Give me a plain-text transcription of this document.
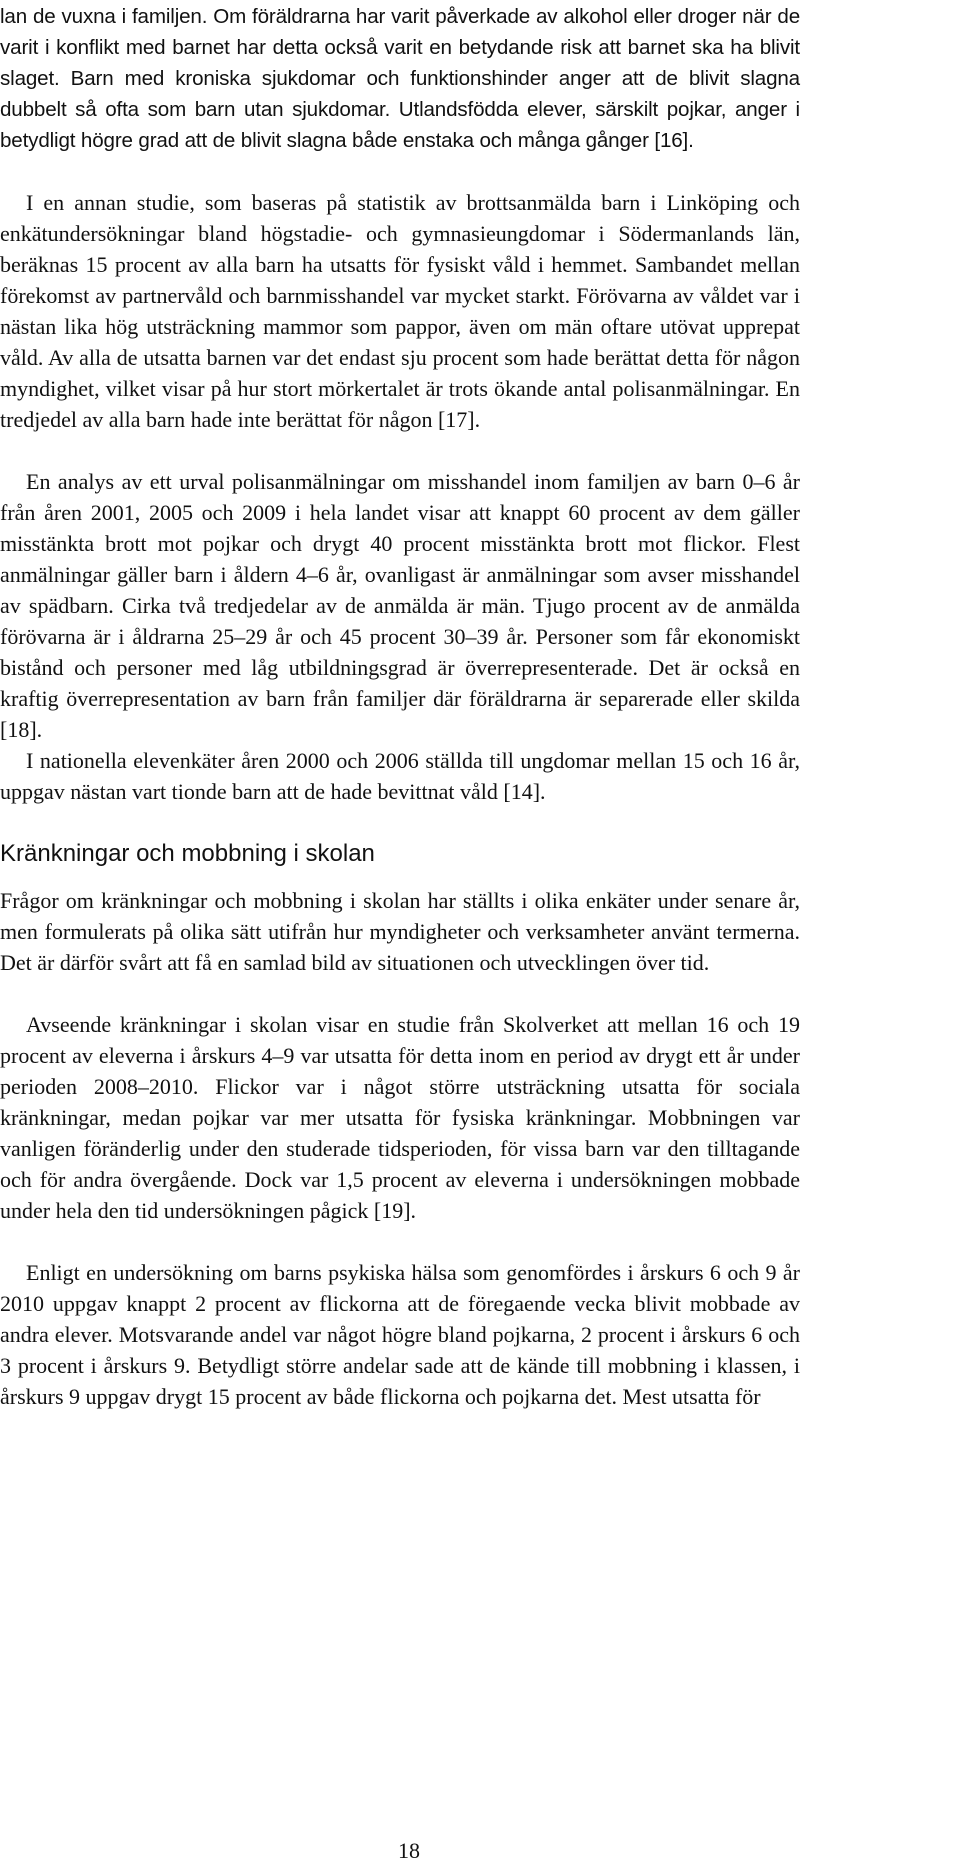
lan de vuxna i familjen. Om föräldrarna har varit påverkade av alkohol eller droger när de varit i konflikt med barnet har detta också varit en betydande risk att barnet ska ha blivit slaget. Barn med kroniska sjukdomar och funktionshinder anger att de blivit slagna dubbelt så ofta som barn utan sjukdomar. Utlandsfödda elever, särskilt pojkar, anger i betydligt högre grad att de blivit slagna både enstaka och många gånger [16].

I en annan studie, som baseras på statistik av brottsanmälda barn i Linköping och enkätundersökningar bland högstadie- och gymnasieungdomar i Södermanlands län, beräknas 15 procent av alla barn ha utsatts för fysiskt våld i hemmet. Sambandet mellan förekomst av partnervåld och barnmisshandel var mycket starkt. Förövarna av våldet var i nästan lika hög utsträckning mammor som pappor, även om män oftare utövat upprepat våld. Av alla de utsatta barnen var det endast sju procent som hade berättat detta för någon myndighet, vilket visar på hur stort mörkertalet är trots ökande antal polisanmälningar. En tredjedel av alla barn hade inte berättat för någon [17].

En analys av ett urval polisanmälningar om misshandel inom familjen av barn 0–6 år från åren 2001, 2005 och 2009 i hela landet visar att knappt 60 procent av dem gäller misstänkta brott mot pojkar och drygt 40 procent misstänkta brott mot flickor. Flest anmälningar gäller barn i åldern 4–6 år, ovanligast är anmälningar som avser misshandel av spädbarn. Cirka två tredjedelar av de anmälda är män. Tjugo procent av de anmälda förövarna är i åldrarna 25–29 år och 45 procent 30–39 år. Personer som får ekonomiskt bistånd och personer med låg utbildningsgrad är överrepresenterade. Det är också en kraftig överrepresentation av barn från familjer där föräldrarna är separerade eller skilda [18].

I nationella elevenkäter åren 2000 och 2006 ställda till ungdomar mellan 15 och 16 år, uppgav nästan vart tionde barn att de hade bevittnat våld [14].

Kränkningar och mobbning i skolan

Frågor om kränkningar och mobbning i skolan har ställts i olika enkäter under senare år, men formulerats på olika sätt utifrån hur myndigheter och verksamheter använt termerna. Det är därför svårt att få en samlad bild av situationen och utvecklingen över tid.

Avseende kränkningar i skolan visar en studie från Skolverket att mellan 16 och 19 procent av eleverna i årskurs 4–9 var utsatta för detta inom en period av drygt ett år under perioden 2008–2010. Flickor var i något större utsträckning utsatta för sociala kränkningar, medan pojkar var mer utsatta för fysiska kränkningar. Mobbningen var vanligen föränderlig under den studerade tidsperioden, för vissa barn var den tilltagande och för andra övergående. Dock var 1,5 procent av eleverna i undersökningen mobbade under hela den tid undersökningen pågick [19].

Enligt en undersökning om barns psykiska hälsa som genomfördes i årskurs 6 och 9 år 2010 uppgav knappt 2 procent av flickorna att de föregaende vecka blivit mobbade av andra elever. Motsvarande andel var något högre bland pojkarna, 2 procent i årskurs 6 och 3 procent i årskurs 9. Betydligt större andelar sade att de kände till mobbning i klassen, i årskurs 9 uppgav drygt 15 procent av både flickorna och pojkarna det. Mest utsatta för

18
